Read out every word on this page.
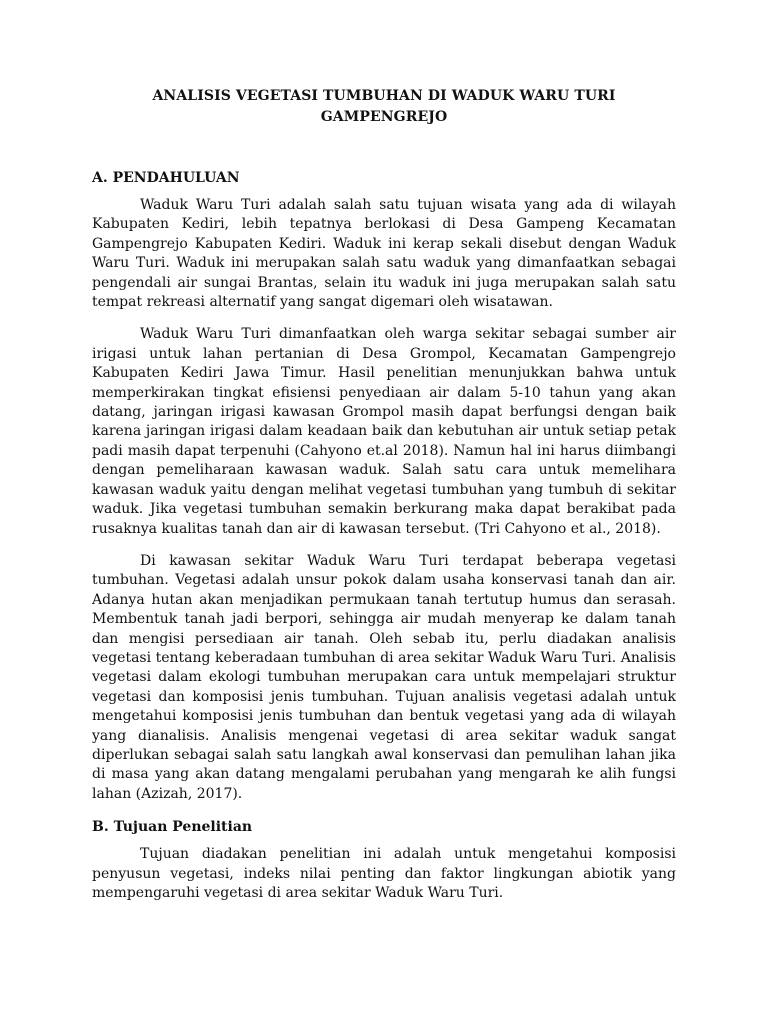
ANALISIS VEGETASI TUMBUHAN DI WADUK WARU TURI
GAMPENGREJO
A. PENDAHULUAN

Waduk Waru Turi adalah salah satu tujuan wisata yang ada di wilayah Kabupaten Kediri, lebih tepatnya berlokasi di Desa Gampeng Kecamatan Gampengrejo Kabupaten Kediri. Waduk ini kerap sekali disebut dengan Waduk Waru Turi. Waduk ini merupakan salah satu waduk yang dimanfaatkan sebagai pengendali air sungai Brantas, selain itu waduk ini juga merupakan salah satu tempat rekreasi alternatif yang sangat digemari oleh wisatawan.

Waduk Waru Turi dimanfaatkan oleh warga sekitar sebagai sumber air irigasi untuk lahan pertanian di Desa Grompol, Kecamatan Gampengrejo Kabupaten Kediri Jawa Timur. Hasil penelitian menunjukkan bahwa untuk memperkirakan tingkat efisiensi penyediaan air dalam 5-10 tahun yang akan datang, jaringan irigasi kawasan Grompol masih dapat berfungsi dengan baik karena jaringan irigasi dalam keadaan baik dan kebutuhan air untuk setiap petak padi masih dapat terpenuhi (Cahyono et.al 2018). Namun hal ini harus diimbangi dengan pemeliharaan kawasan waduk. Salah satu cara untuk memelihara kawasan waduk yaitu dengan melihat vegetasi tumbuhan yang tumbuh di sekitar waduk. Jika vegetasi tumbuhan semakin berkurang maka dapat berakibat pada rusaknya kualitas tanah dan air di kawasan tersebut. (Tri Cahyono et al., 2018).

Di kawasan sekitar Waduk Waru Turi terdapat beberapa vegetasi tumbuhan. Vegetasi adalah unsur pokok dalam usaha konservasi tanah dan air. Adanya hutan akan menjadikan permukaan tanah tertutup humus dan serasah. Membentuk tanah jadi berpori, sehingga air mudah menyerap ke dalam tanah dan mengisi persediaan air tanah. Oleh sebab itu, perlu diadakan analisis vegetasi tentang keberadaan tumbuhan di area sekitar Waduk Waru Turi. Analisis vegetasi dalam ekologi tumbuhan merupakan cara untuk mempelajari struktur vegetasi dan komposisi jenis tumbuhan. Tujuan analisis vegetasi adalah untuk mengetahui komposisi jenis tumbuhan dan bentuk vegetasi yang ada di wilayah yang dianalisis. Analisis mengenai vegetasi di area sekitar waduk sangat diperlukan sebagai salah satu langkah awal konservasi dan pemulihan lahan jika di masa yang akan datang mengalami perubahan yang mengarah ke alih fungsi lahan (Azizah, 2017).

B. Tujuan Penelitian

Tujuan diadakan penelitian ini adalah untuk mengetahui komposisi penyusun vegetasi, indeks nilai penting dan faktor lingkungan abiotik yang mempengaruhi vegetasi di area sekitar Waduk Waru Turi.
